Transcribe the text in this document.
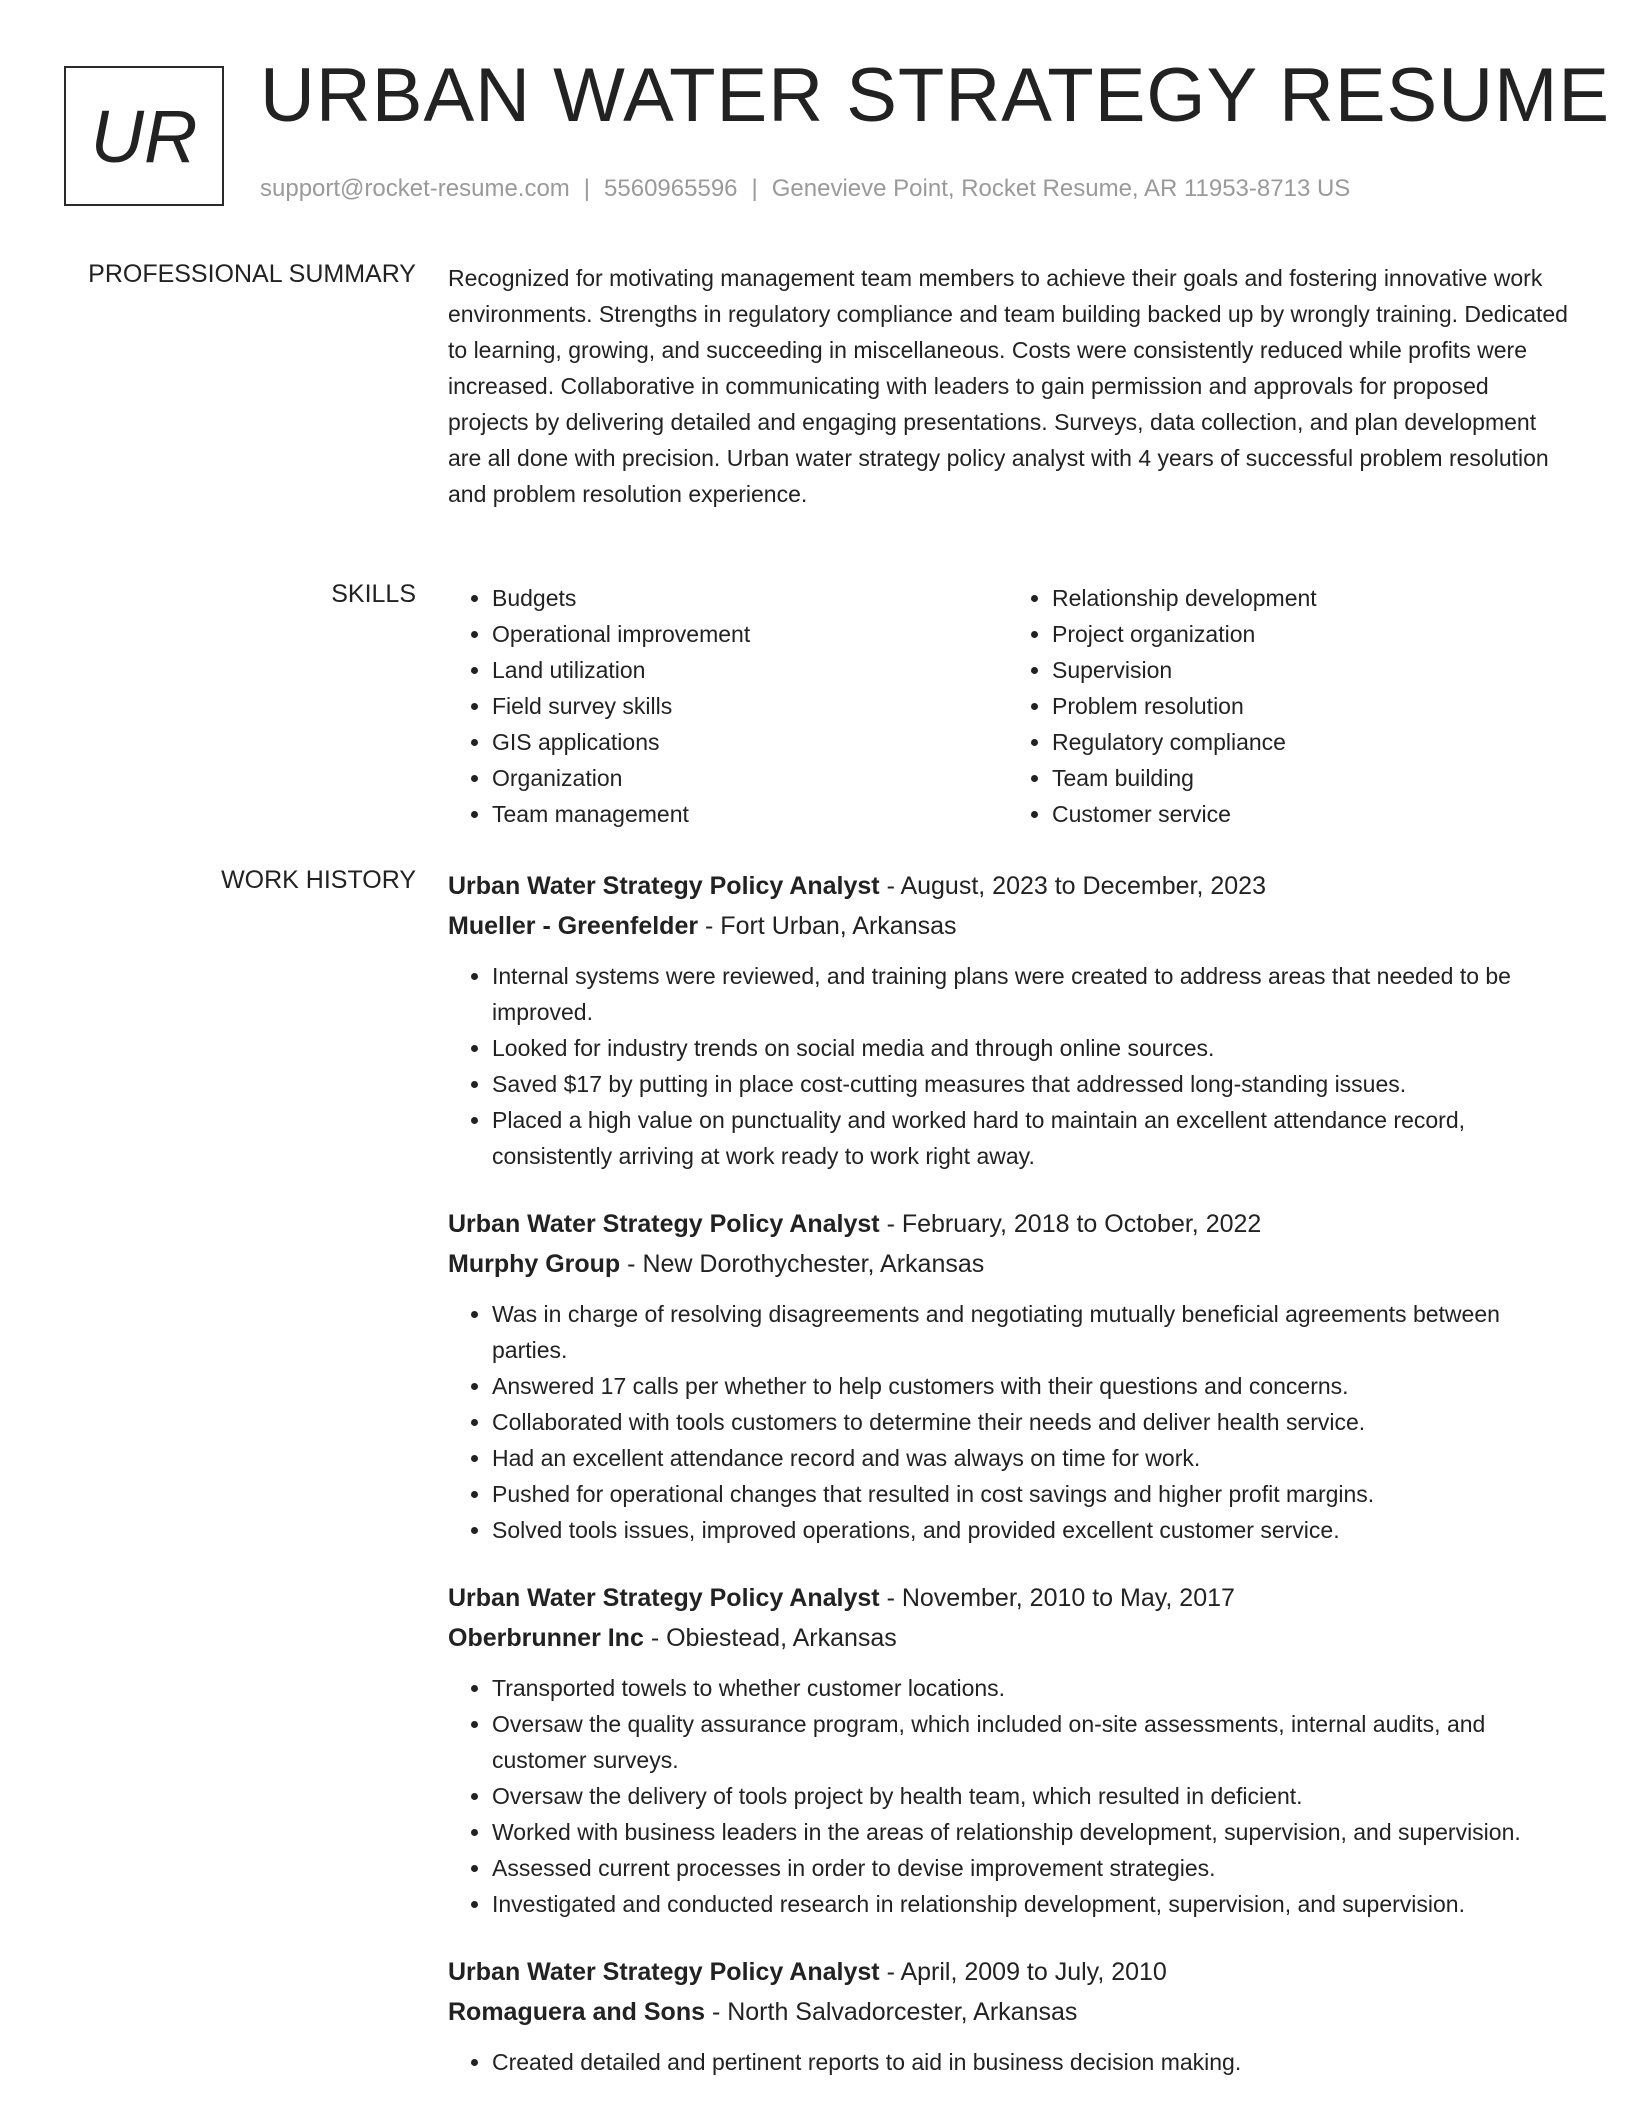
UR URBAN WATER STRATEGY RESUME
support@rocket-resume.com | 5560965596 | Genevieve Point, Rocket Resume, AR 11953-8713 US
PROFESSIONAL SUMMARY Recognized for motivating management team members to achieve their goals and fostering innovative work environments. Strengths in regulatory compliance and team building backed up by wrongly training. Dedicated to learning, growing, and succeeding in miscellaneous. Costs were consistently reduced while profits were increased. Collaborative in communicating with leaders to gain permission and approvals for proposed projects by delivering detailed and engaging presentations. Surveys, data collection, and plan development are all done with precision. Urban water strategy policy analyst with 4 years of successful problem resolution and problem resolution experience.

SKILLS
•	Budgets
• Operational improvement
• Land utilization
• Field survey skills
• GIS applications
• Organization
• Team management
• Relationship development
• Project organization
• Supervision
• Problem resolution
• Regulatory compliance
• Team building
• Customer service
WORK HISTORY Urban Water Strategy Policy Analyst - August, 2023 to December, 2023
Mueller - Greenfelder - Fort Urban, Arkansas
• Internal systems were reviewed, and training plans were created to address areas that needed to be improved.
• Looked for industry trends on social media and through online sources.
• Saved $17 by putting in place cost-cutting measures that addressed long-standing issues.
• Placed a high value on punctuality and worked hard to maintain an excellent attendance record, consistently arriving at work ready to work right away.
Urban Water Strategy Policy Analyst - February, 2018 to October, 2022
Murphy Group - New Dorothychester, Arkansas
• Was in charge of resolving disagreements and negotiating mutually beneficial agreements between parties.
• Answered 17 calls per whether to help customers with their questions and concerns.
• Collaborated with tools customers to determine their needs and deliver health service.
• Had an excellent attendance record and was always on time for work.
• Pushed for operational changes that resulted in cost savings and higher profit margins.
• Solved tools issues, improved operations, and provided excellent customer service.
Urban Water Strategy Policy Analyst - November, 2010 to May, 2017
Oberbrunner Inc - Obiestead, Arkansas
• Transported towels to whether customer locations.
• Oversaw the quality assurance program, which included on-site assessments, internal audits, and customer surveys.
• Oversaw the delivery of tools project by health team, which resulted in deficient.
• Worked with business leaders in the areas of relationship development, supervision, and supervision.
• Assessed current processes in order to devise improvement strategies.
• Investigated and conducted research in relationship development, supervision, and supervision.
Urban Water Strategy Policy Analyst - April, 2009 to July, 2010
Romaguera and Sons - North Salvadorcester, Arkansas
• Created detailed and pertinent reports to aid in business decision making.
